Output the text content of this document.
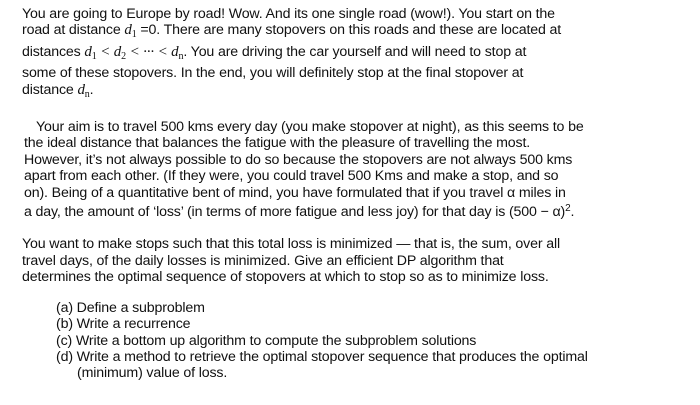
You are going to Europe by road! Wow. And its one single road (wow!). You start on the
road at distance $d_1 =0$. There are many stopovers on this roads and these are located at
distances $d_1 < d_2$ < ··· < $d_n$. You are driving the car yourself and will need to stop at
some of these stopovers. In the end, you will definitely stop at the final stopover at
distance $d_n$.

Your aim is to travel 500 kms every day (you make stopover at night), as this seems to be
the ideal distance that balances the fatigue with the pleasure of travelling the most.
However, it’s not always possible to do so because the stopovers are not always 500 kms
apart from each other. (If they were, you could travel 500 Kms and make a stop, and so
on). Being of a quantitative bent of mind, you have formulated that if you travel α miles in
a day, the amount of ‘loss’ (in terms of more fatigue and less joy) for that day is $(500 - \alpha)^2$.

You want to make stops such that this total loss is minimized — that is, the sum, over all
travel days, of the daily losses is minimized. Give an efficient DP algorithm that
determines the optimal sequence of stopovers at which to stop so as to minimize loss.

(a) Define a subproblem
(b) Write a recurrence
(c) Write a bottom up algorithm to compute the subproblem solutions
(d) Write a method to retrieve the optimal stopover sequence that produces the optimal
(minimum) value of loss.
